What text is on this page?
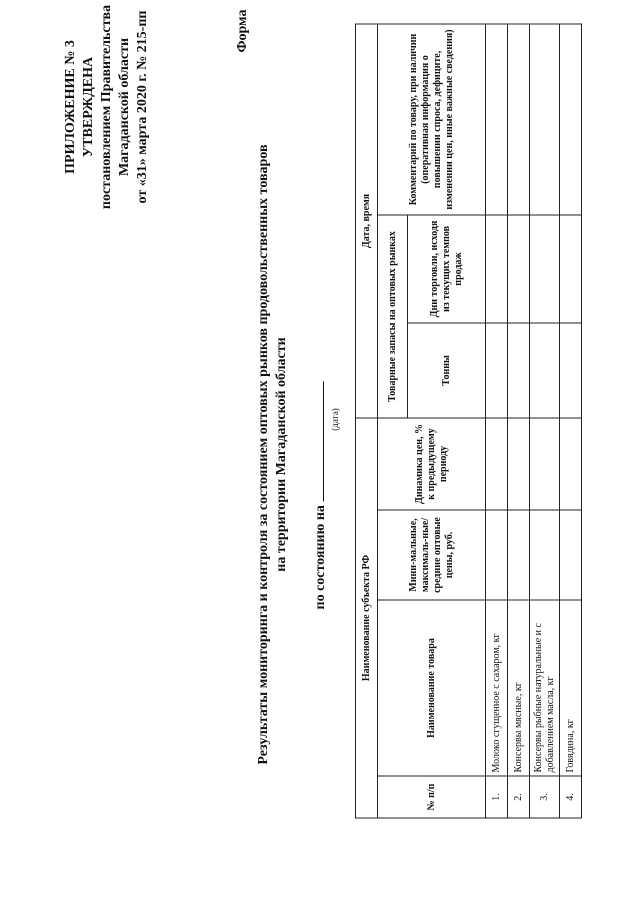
ПРИЛОЖЕНИЕ № 3 УТВЕРЖДЕНА постановлением Правительства Магаданской области от «31» марта 2020 г. № 215-пп	Форма
Результаты мониторинга и контроля за состоянием оптовых рынков продовольственных товаров на территории Магаданской области по состоянию на
(дата)
Наименование субъекта РФ				Дата, время		
№ п/п	Наименование товара	Мини-мальные, максималь-ные/средние оптовые цены, руб.	Динамика цен, % к предыдущему периоду	Товарные запасы на оптовых рынках		Комментарий по товару, при наличии (оперативная информация о повышении спроса, дефиците, изменении цен, иные важные сведения)
				Тонны	Дни торговли, исходя из текущих темпов продаж	
1.	Молоко сгущенное с сахаром, кг					
2.	Консервы мясные, кг					
3.	Консервы рыбные натуральные и с добавлением масла, кг					
4.	Говядина, кг					
